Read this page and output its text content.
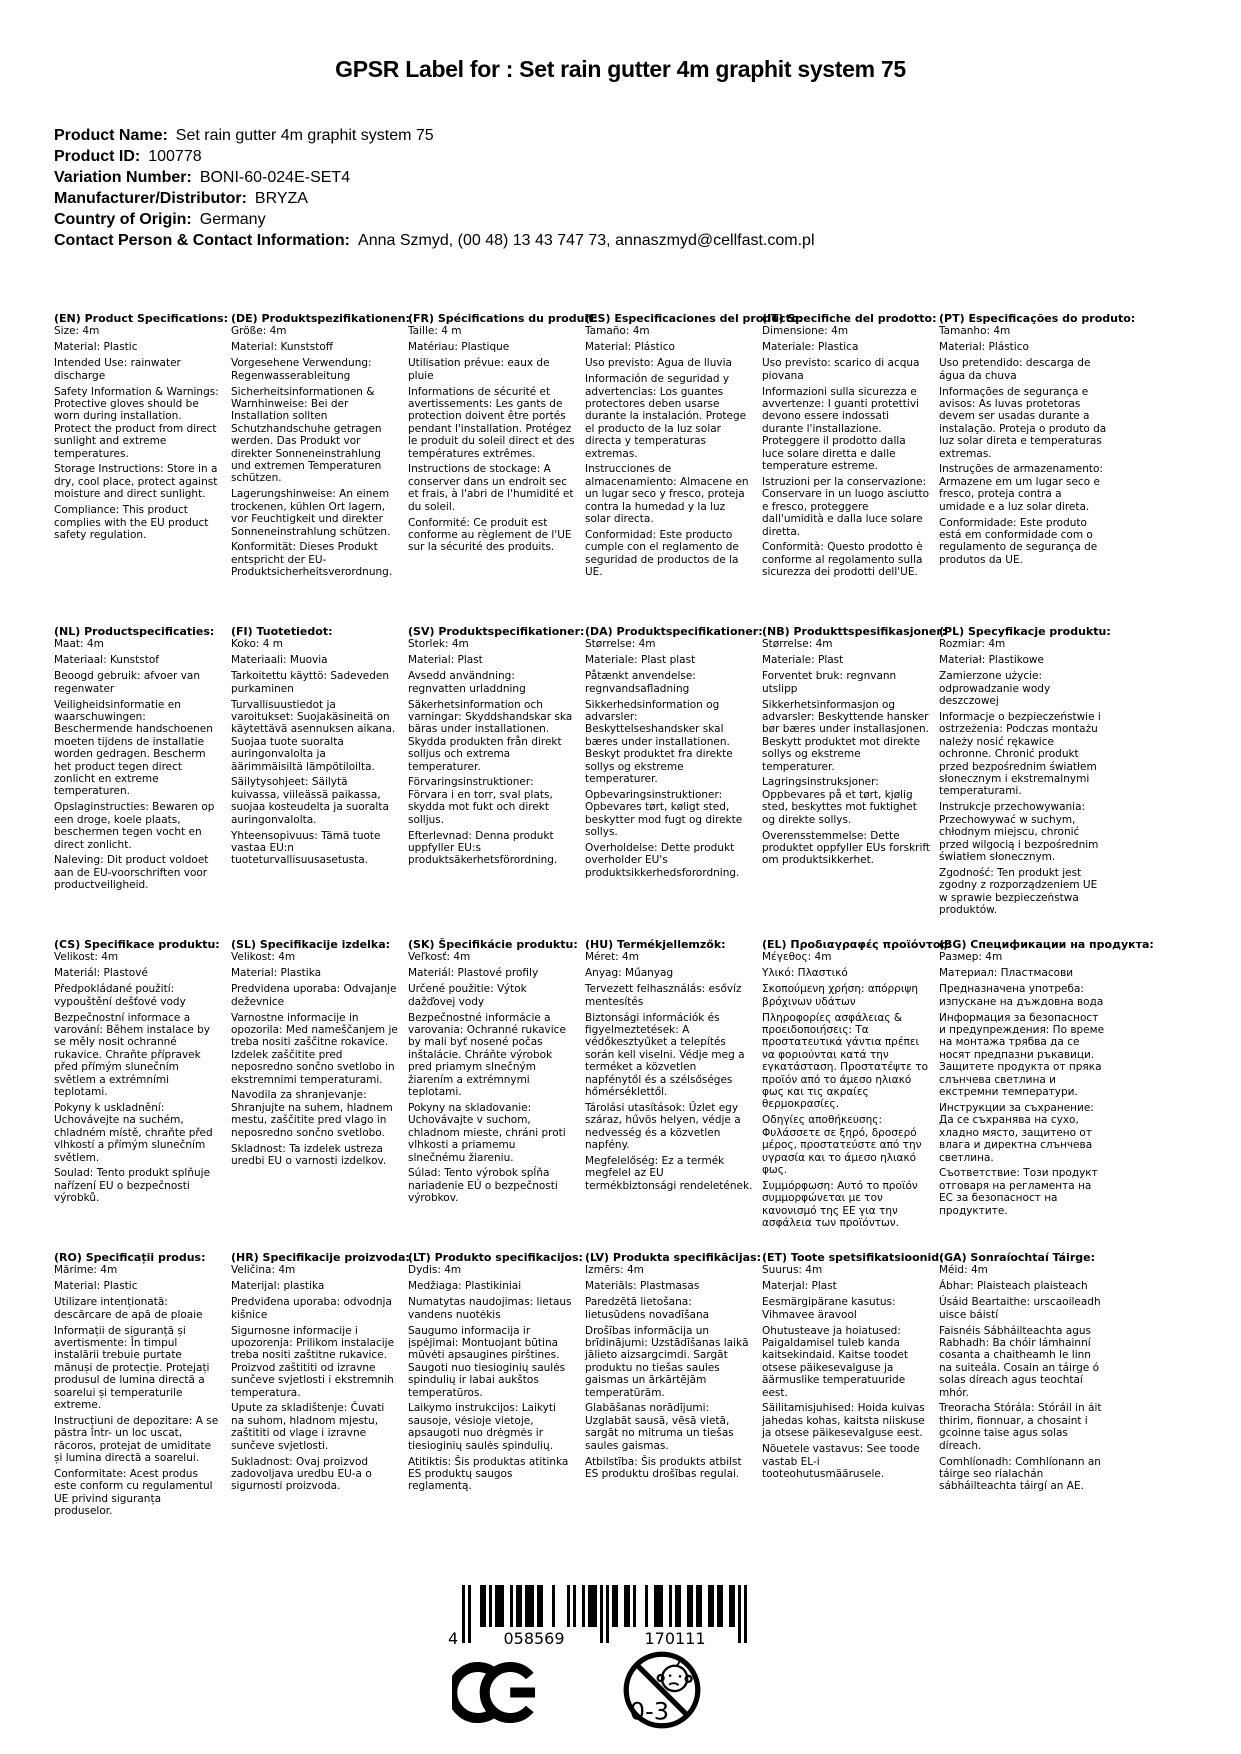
GPSR Label for : Set rain gutter 4m graphit system 75
Product Name: Set rain gutter 4m graphit system 75
Product ID: 100778
Variation Number: BONI-60-024E-SET4
Manufacturer/Distributor: BRYZA
Country of Origin: Germany
Contact Person & Contact Information: Anna Szmyd, (00 48) 13 43 747 73, annaszmyd@cellfast.com.pl
(EN) Product Specifications:

Size: 4m

Material: Plastic

Intended Use: rainwater discharge

Safety Information & Warnings: Protective gloves should be worn during installation. Protect the product from direct sunlight and extreme temperatures.

Storage Instructions: Store in a dry, cool place, protect against moisture and direct sunlight.

Compliance: This product complies with the EU product safety regulation.

(DE) Produktspezifikationen:

Größe: 4m

Material: Kunststoff

Vorgesehene Verwendung: Regenwasserableitung

Sicherheitsinformationen & Warnhinweise: Bei der Installation sollten Schutzhandschuhe getragen werden. Das Produkt vor direkter Sonneneinstrahlung und extremen Temperaturen schützen.

Lagerungshinweise: An einem trockenen, kühlen Ort lagern, vor Feuchtigkeit und direkter Sonneneinstrahlung schützen.

Konformität: Dieses Produkt entspricht der EU-Produktsicherheitsverordnung.

(FR) Spécifications du produit:

Taille: 4 m

Matériau: Plastique

Utilisation prévue: eaux de pluie

Informations de sécurité et avertissements: Les gants de protection doivent être portés pendant l'installation. Protégez le produit du soleil direct et des températures extrêmes.

Instructions de stockage: A conserver dans un endroit sec et frais, à l'abri de l'humidité et du soleil.

Conformité: Ce produit est conforme au règlement de l'UE sur la sécurité des produits.

(ES) Especificaciones del producto:

Tamaño: 4m

Material: Plástico

Uso previsto: Agua de lluvia

Información de seguridad y advertencias: Los guantes protectores deben usarse durante la instalación. Protege el producto de la luz solar directa y temperaturas extremas.

Instrucciones de almacenamiento: Almacene en un lugar seco y fresco, proteja contra la humedad y la luz solar directa.

Conformidad: Este producto cumple con el reglamento de seguridad de productos de la UE.

(IT) Specifiche del prodotto:

Dimensione: 4m

Materiale: Plastica

Uso previsto: scarico di acqua piovana

Informazioni sulla sicurezza e avvertenze: I guanti protettivi devono essere indossati durante l'installazione. Proteggere il prodotto dalla luce solare diretta e dalle temperature estreme.

Istruzioni per la conservazione: Conservare in un luogo asciutto e fresco, proteggere dall'umidità e dalla luce solare diretta.

Conformità: Questo prodotto è conforme al regolamento sulla sicurezza dei prodotti dell'UE.

(PT) Especificações do produto:

Tamanho: 4m

Material: Plástico

Uso pretendido: descarga de água da chuva

Informações de segurança e avisos: As luvas protetoras devem ser usadas durante a instalação. Proteja o produto da luz solar direta e temperaturas extremas.

Instruções de armazenamento: Armazene em um lugar seco e fresco, proteja contra a umidade e a luz solar direta.

Conformidade: Este produto está em conformidade com o regulamento de segurança de produtos da UE.

(NL) Productspecificaties:

Maat: 4m

Materiaal: Kunststof

Beoogd gebruik: afvoer van regenwater

Veiligheidsinformatie en waarschuwingen: Beschermende handschoenen moeten tijdens de installatie worden gedragen. Bescherm het product tegen direct zonlicht en extreme temperaturen.

Opslaginstructies: Bewaren op een droge, koele plaats, beschermen tegen vocht en direct zonlicht.

Naleving: Dit product voldoet aan de EU-voorschriften voor productveiligheid.

(FI) Tuotetiedot:

Koko: 4 m

Materiaali: Muovia

Tarkoitettu käyttö: Sadeveden purkaminen

Turvallisuustiedot ja varoitukset: Suojakäsineitä on käytettävä asennuksen aikana. Suojaa tuote suoralta auringonvalolta ja äärimmäisiltä lämpötiloilta.

Säilytysohjeet: Säilytä kuivassa, viileässä paikassa, suojaa kosteudelta ja suoralta auringonvalolta.

Yhteensopivuus: Tämä tuote vastaa EU:n tuoteturvallisuusasetusta.

(SV) Produktspecifikationer:

Storlek: 4m

Material: Plast

Avsedd användning: regnvatten urladdning

Säkerhetsinformation och varningar: Skyddshandskar ska bäras under installationen. Skydda produkten från direkt solljus och extrema temperaturer.

Förvaringsinstruktioner: Förvara i en torr, sval plats, skydda mot fukt och direkt solljus.

Efterlevnad: Denna produkt uppfyller EU:s produktsäkerhetsförordning.

(DA) Produktspecifikationer:

Størrelse: 4m

Materiale: Plast plast

Påtænkt anvendelse: regnvandsafladning

Sikkerhedsinformation og advarsler: Beskyttelseshandsker skal bæres under installationen. Beskyt produktet fra direkte sollys og ekstreme temperaturer.

Opbevaringsinstruktioner: Opbevares tørt, køligt sted, beskytter mod fugt og direkte sollys.

Overholdelse: Dette produkt overholder EU's produktsikkerhedsforordning.

(NB) Produkttspesifikasjoner:

Størrelse: 4m

Materiale: Plast

Forventet bruk: regnvann utslipp

Sikkerhetsinformasjon og advarsler: Beskyttende hansker bør bæres under installasjonen. Beskytt produktet mot direkte sollys og ekstreme temperaturer.

Lagringsinstruksjoner: Oppbevares på et tørt, kjølig sted, beskyttes mot fuktighet og direkte sollys.

Overensstemmelse: Dette produktet oppfyller EUs forskrift om produktsikkerhet.

(PL) Specyfikacje produktu:

Rozmiar: 4m

Materiał: Plastikowe

Zamierzone użycie: odprowadzanie wody deszczowej

Informacje o bezpieczeństwie i ostrzeżenia: Podczas montażu należy nosić rękawice ochronne. Chronić produkt przed bezpośrednim światłem słonecznym i ekstremalnymi temperaturami.

Instrukcje przechowywania: Przechowywać w suchym, chłodnym miejscu, chronić przed wilgocią i bezpośrednim światłem słonecznym.

Zgodność: Ten produkt jest zgodny z rozporządzeniem UE w sprawie bezpieczeństwa produktów.

(CS) Specifikace produktu:

Velikost: 4m

Materiál: Plastové

Předpokládané použití: vypouštění dešťové vody

Bezpečnostní informace a varování: Během instalace by se měly nosit ochranné rukavice. Chraňte přípravek před přímým slunečním světlem a extrémními teplotami.

Pokyny k uskladnění: Uchovávejte na suchém, chladném místě, chraňte před vlhkostí a přímým slunečním světlem.

Soulad: Tento produkt splňuje nařízení EU o bezpečnosti výrobků.

(SL) Specifikacije izdelka:

Velikost: 4m

Material: Plastika

Predvidena uporaba: Odvajanje deževnice

Varnostne informacije in opozorila: Med nameščanjem je treba nositi zaščitne rokavice. Izdelek zaščitite pred neposredno sončno svetlobo in ekstremnimi temperaturami.

Navodila za shranjevanje: Shranjujte na suhem, hladnem mestu, zaščitite pred vlago in neposredno sončno svetlobo.

Skladnost: Ta izdelek ustreza uredbi EU o varnosti izdelkov.

(SK) Špecifikácie produktu:

Veľkosť: 4m

Materiál: Plastové profily

Určené použitie: Výtok dažďovej vody

Bezpečnostné informácie a varovania: Ochranné rukavice by mali byť nosené počas inštalácie. Chráňte výrobok pred priamym slnečným žiarením a extrémnymi teplotami.

Pokyny na skladovanie: Uchovávajte v suchom, chladnom mieste, chráni proti vlhkosti a priamemu slnečnému žiareniu.

Súlad: Tento výrobok spĺňa nariadenie EÚ o bezpečnosti výrobkov.

(HU) Termékjellemzők:

Méret: 4m

Anyag: Műanyag

Tervezett felhasználás: esővíz mentesítés

Biztonsági információk és figyelmeztetések: A védőkesztyűket a telepítés során kell viselni. Védje meg a terméket a közvetlen napfénytől és a szélsőséges hőmérséklettől.

Tárolási utasítások: Űzlet egy száraz, hűvös helyen, védje a nedvesség és a közvetlen napfény.

Megfelelőség: Ez a termék megfelel az EU termékbiztonsági rendeletének.

(EL) Προδιαγραφές προϊόντος:

Μέγεθος: 4m

Υλικό: Πλαστικό

Σκοπούμενη χρήση: απόρριψη βρόχινων υδάτων

Πληροφορίες ασφάλειας & προειδοποιήσεις: Τα προστατευτικά γάντια πρέπει να φοριούνται κατά την εγκατάσταση. Προστατέψτε το προϊόν από το άμεσο ηλιακό φως και τις ακραίες θερμοκρασίες.

Οδηγίες αποθήκευσης: Φυλάσσετε σε ξηρό, δροσερό μέρος, προστατεύστε από την υγρασία και το άμεσο ηλιακό φως.

Συμμόρφωση: Αυτό το προϊόν συμμορφώνεται με τον κανονισμό της ΕΕ για την ασφάλεια των προϊόντων.

(BG) Спецификации на продукта:

Размер: 4m

Материал: Пластмасови

Предназначена употреба: изпускане на дъждовна вода

Информация за безопасност и предупреждения: По време на монтажа трябва да се носят предпазни ръкавици. Защитете продукта от пряка слънчева светлина и екстремни температури.

Инструкции за съхранение: Да се съхранява на сухо, хладно място, защитено от влага и директна слънчева светлина.

Съответствие: Този продукт отговаря на регламента на ЕС за безопасност на продуктите.

(RO) Specificații produs:

Mărime: 4m

Material: Plastic

Utilizare intenționată: descărcare de apă de ploaie

Informații de siguranță și avertismente: În timpul instalării trebuie purtate mănuși de protecție. Protejați produsul de lumina directă a soarelui și temperaturile extreme.

Instrucțiuni de depozitare: A se păstra într- un loc uscat, răcoros, protejat de umiditate și lumina directă a soarelui.

Conformitate: Acest produs este conform cu regulamentul UE privind siguranța produselor.

(HR) Specifikacije proizvoda:

Veličina: 4m

Materijal: plastika

Predviđena uporaba: odvodnja kišnice

Sigurnosne informacije i upozorenja: Prilikom instalacije treba nositi zaštitne rukavice. Proizvod zaštititi od izravne sunčeve svjetlosti i ekstremnih temperatura.

Upute za skladištenje: Čuvati na suhom, hladnom mjestu, zaštititi od vlage i izravne sunčeve svjetlosti.

Sukladnost: Ovaj proizvod zadovoljava uredbu EU-a o sigurnosti proizvoda.

(LT) Produkto specifikacijos:

Dydis: 4m

Medžiaga: Plastikiniai

Numatytas naudojimas: lietaus vandens nuotėkis

Saugumo informacija ir įspėjimai: Montuojant būtina mūvėti apsaugines pirštines. Saugoti nuo tiesioginių saulės spindulių ir labai aukštos temperatūros.

Laikymo instrukcijos: Laikyti sausoje, vėsioje vietoje, apsaugoti nuo drėgmės ir tiesioginių saulės spindulių.

Atitiktis: Šis produktas atitinka ES produktų saugos reglamentą.

(LV) Produkta specifikācijas:

Izmērs: 4m

Materiāls: Plastmasas

Paredzētā lietošana: lietusūdens novadīšana

Drošības informācija un brīdinājumi: Uzstādīšanas laikā jālieto aizsargcimdi. Sargāt produktu no tiešas saules gaismas un ārkārtējām temperatūrām.

Glabāšanas norādījumi: Uzglabāt sausā, vēsā vietā, sargāt no mitruma un tiešas saules gaismas.

Atbilstība: Šis produkts atbilst ES produktu drošības regulai.

(ET) Toote spetsifikatsioonid:

Suurus: 4m

Materjal: Plast

Eesmärgipärane kasutus: Vihmavee äravool

Ohutusteave ja hoiatused: Paigaldamisel tuleb kanda kaitsekindaid. Kaitse toodet otsese päikesevalguse ja äärmuslike temperatuuride eest.

Säilitamisjuhised: Hoida kuivas jahedas kohas, kaitsta niiskuse ja otsese päikesevalguse eest.

Nõuetele vastavus: See toode vastab EL-i tooteohutusmäärusele.

(GA) Sonraíochtaí Táirge:

Méid: 4m

Ábhar: Plaisteach plaisteach

Úsáid Beartaithe: urscaoileadh uisce báistí

Faisnéis Sábháilteachta agus Rabhadh: Ba chóir lámhainní cosanta a chaitheamh le linn na suiteála. Cosain an táirge ó solas díreach agus teochtaí mhór.

Treoracha Stórála: Stóráil in áit thirim, fionnuar, a chosaint i gcoinne taise agus solas díreach.

Comhlíonadh: Comhlíonann an táirge seo rialachán sábháilteachta táirgí an AE.

4	058569	170111
0-3
